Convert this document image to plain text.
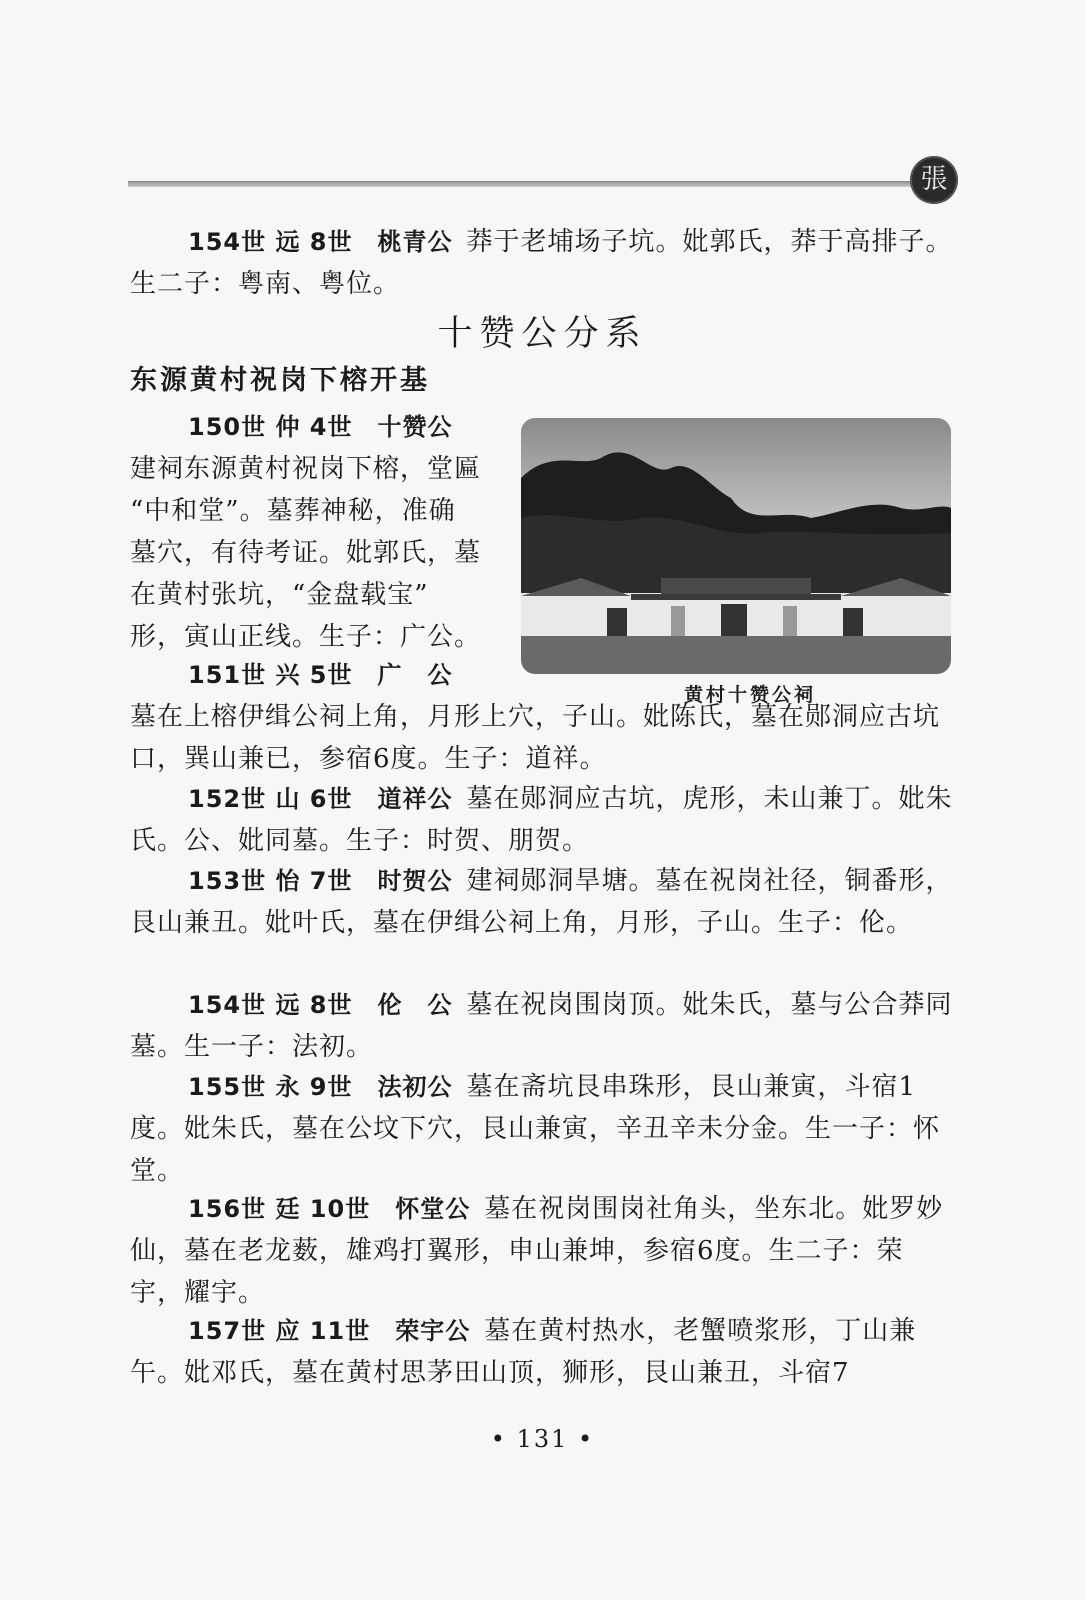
張
154世 远 8世　桃青公 莽于老埔场子坑。妣郭氏，莽于高排子。生二子：粤南、粤位。
十赞公分系
东源黄村祝岗下榕开基
150世 仲 4世　十赞公
建祠东源黄村祝岗下榕，堂匾
“中和堂”。墓葬神秘，准确
墓穴，有待考证。妣郭氏，墓
在黄村张坑，“金盘载宝”
形，寅山正线。生子：广公。
黄村十赞公祠
151世 兴 5世　广　公
墓在上榕伊缉公祠上角，月形上穴，子山。妣陈氏，墓在郧洞应古坑口，巽山兼已，参宿6度。生子：道祥。
152世 山 6世　道祥公 墓在郧洞应古坑，虎形，未山兼丁。妣朱氏。公、妣同墓。生子：时贺、朋贺。
153世 怡 7世　时贺公 建祠郧洞旱塘。墓在祝岗社径，铜番形，艮山兼丑。妣叶氏，墓在伊缉公祠上角，月形，子山。生子：伦。
154世 远 8世　伦　公 墓在祝岗围岗顶。妣朱氏，墓与公合莽同墓。生一子：法初。
155世 永 9世　法初公 墓在斋坑艮串珠形，艮山兼寅，斗宿1度。妣朱氏，墓在公坟下穴，艮山兼寅，辛丑辛未分金。生一子：怀堂。
156世 廷 10世　怀堂公 墓在祝岗围岗社角头，坐东北。妣罗妙仙，墓在老龙薮，雄鸡打翼形，申山兼坤，参宿6度。生二子：荣宇，耀宇。
157世 应 11世　荣宇公 墓在黄村热水，老蟹喷浆形，丁山兼午。妣邓氏，墓在黄村思茅田山顶，狮形，艮山兼丑，斗宿7
• 131 •
